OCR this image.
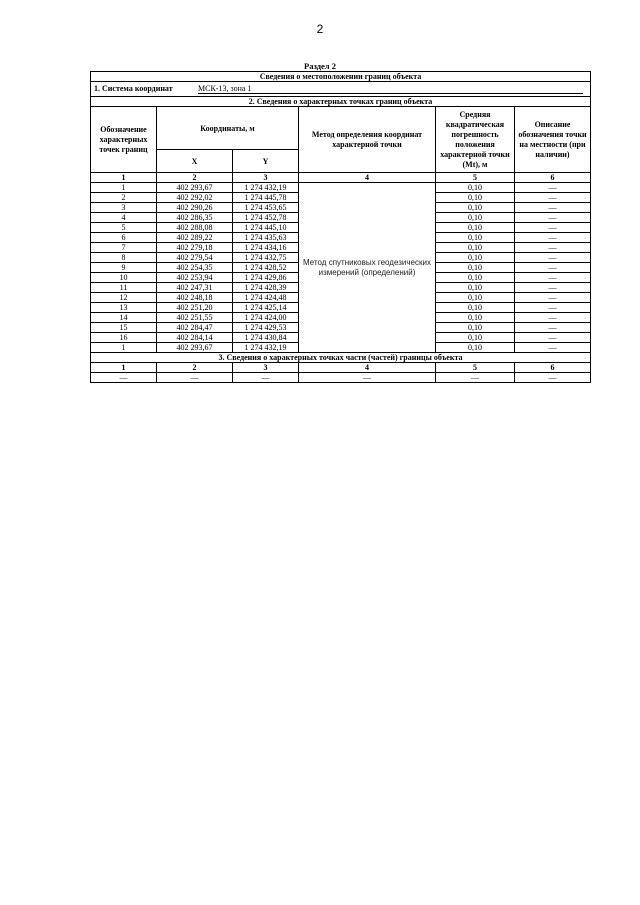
2
Раздел 2
Сведения о местоположении границ объекта					
1. Система координат МСК-13, зона 1					
2. Сведения о характерных точках границ объекта					
Обозначение характерных точек границ	Координаты, м		Метод определения координат характерной точки	Средняя квадратическая погрешность положения характерной точки (Mt), м	Описание обозначения точки на местности (при наличии)
	X	Y			
1	2	3	4	5	6
1	402 293,67	1 274 432,19	Метод спутниковых геодезических измерений (определений)	0,10	—
2	402 292,02	1 274 445,78		0,10	—
3	402 290,26	1 274 453,65		0,10	—
4	402 286,35	1 274 452,78		0,10	—
5	402 288,08	1 274 445,10		0,10	—
6	402 289,22	1 274 435,63		0,10	—
7	402 279,18	1 274 434,16		0,10	—
8	402 279,54	1 274 432,75		0,10	—
9	402 254,35	1 274 428,52		0,10	—
10	402 253,94	1 274 429,86		0,10	—
11	402 247,31	1 274 428,39		0,10	—
12	402 248,18	1 274 424,48		0,10	—
13	402 251,20	1 274 425,14		0,10	—
14	402 251,55	1 274 424,00		0,10	—
15	402 284,47	1 274 429,53		0,10	—
16	402 284,14	1 274 430,84		0,10	—
1	402 293,67	1 274 432,19		0,10	—
3. Сведения о характерных точках части (частей) границы объекта					
1	2	3	4	5	6
—	—	—	—	—	—
